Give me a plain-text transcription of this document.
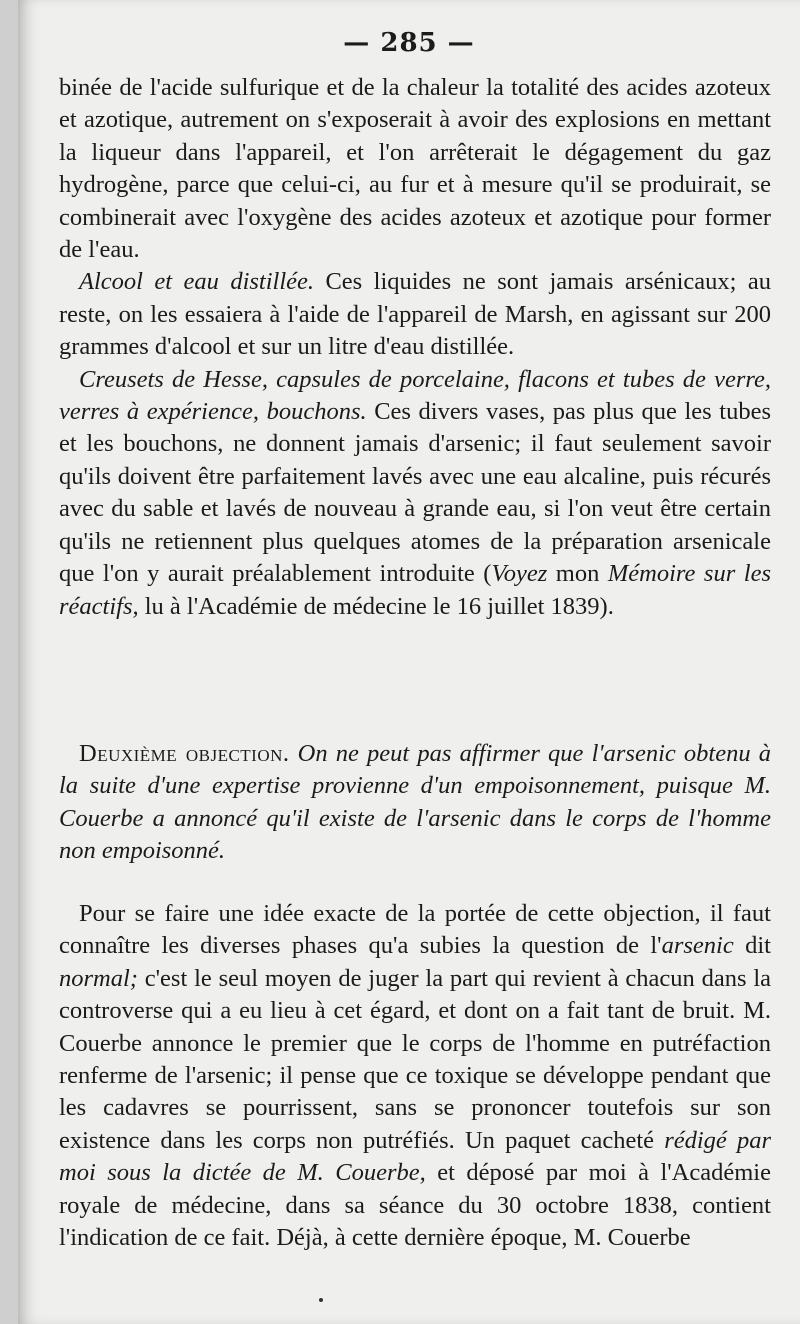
— 285 —

binée de l'acide sulfurique et de la chaleur la totalité des acides azoteux et azotique, autrement on s'exposerait à avoir des explosions en mettant la liqueur dans l'appareil, et l'on arrêterait le dégagement du gaz hydrogène, parce que celui-ci, au fur et à mesure qu'il se produirait, se combinerait avec l'oxygène des acides azoteux et azotique pour former de l'eau.

Alcool et eau distillée. Ces liquides ne sont jamais arsénicaux; au reste, on les essaiera à l'aide de l'appareil de Marsh, en agissant sur 200 grammes d'alcool et sur un litre d'eau distillée.

Creusets de Hesse, capsules de porcelaine, flacons et tubes de verre, verres à expérience, bouchons. Ces divers vases, pas plus que les tubes et les bouchons, ne donnent jamais d'arsenic; il faut seulement savoir qu'ils doivent être parfaitement lavés avec une eau alcaline, puis récurés avec du sable et lavés de nouveau à grande eau, si l'on veut être certain qu'ils ne retiennent plus quelques atomes de la préparation arsenicale que l'on y aurait préalablement introduite (Voyez mon Mémoire sur les réactifs, lu à l'Académie de médecine le 16 juillet 1839).

Deuxième objection. On ne peut pas affirmer que l'arsenic obtenu à la suite d'une expertise provienne d'un empoisonnement, puisque M. Couerbe a annoncé qu'il existe de l'arsenic dans le corps de l'homme non empoisonné.

Pour se faire une idée exacte de la portée de cette objection, il faut connaître les diverses phases qu'a subies la question de l'arsenic dit normal; c'est le seul moyen de juger la part qui revient à chacun dans la controverse qui a eu lieu à cet égard, et dont on a fait tant de bruit. M. Couerbe annonce le premier que le corps de l'homme en putréfaction renferme de l'arsenic; il pense que ce toxique se développe pendant que les cadavres se pourrissent, sans se prononcer toutefois sur son existence dans les corps non putréfiés. Un paquet cacheté rédigé par moi sous la dictée de M. Couerbe, et déposé par moi à l'Académie royale de médecine, dans sa séance du 30 octobre 1838, contient l'indication de ce fait. Déjà, à cette dernière époque, M. Couerbe
